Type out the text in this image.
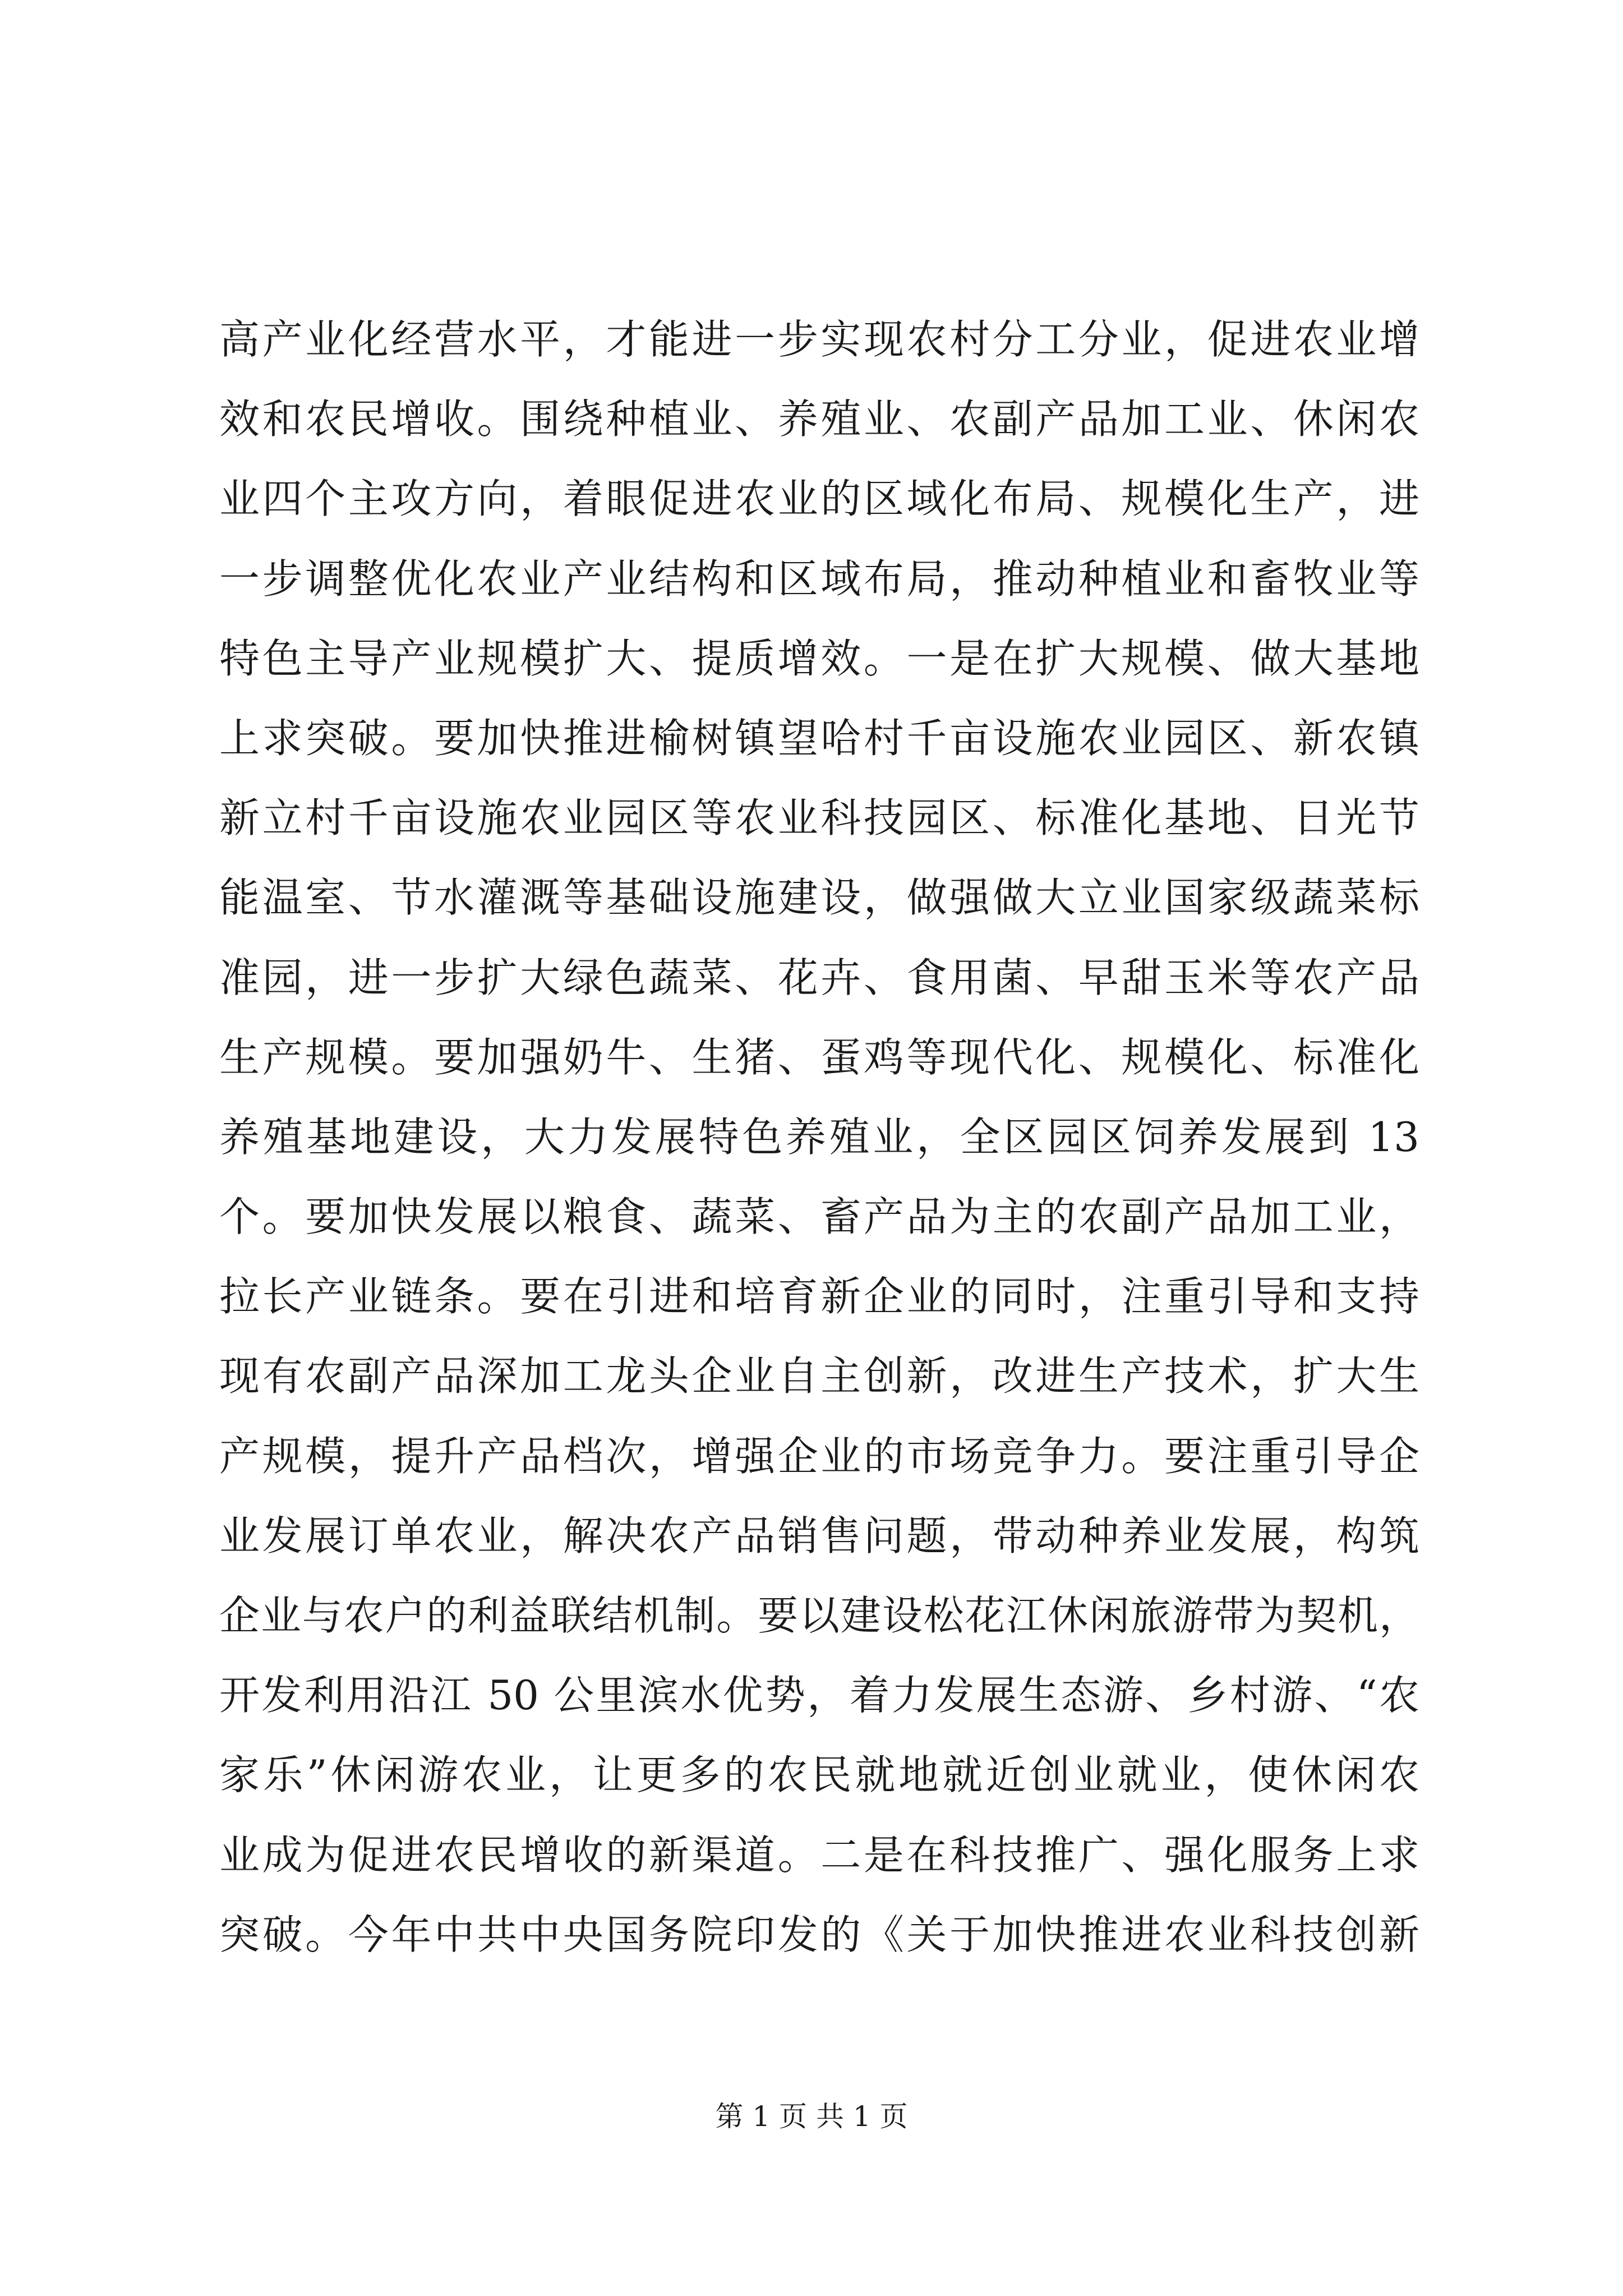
高产业化经营水平，才能进一步实现农村分工分业，促进农业增
效和农民增收。围绕种植业、养殖业、农副产品加工业、休闲农
业四个主攻方向，着眼促进农业的区域化布局、规模化生产，进
一步调整优化农业产业结构和区域布局，推动种植业和畜牧业等
特色主导产业规模扩大、提质增效。一是在扩大规模、做大基地
上求突破。要加快推进榆树镇望哈村千亩设施农业园区、新农镇
新立村千亩设施农业园区等农业科技园区、标准化基地、日光节
能温室、节水灌溉等基础设施建设，做强做大立业国家级蔬菜标
准园，进一步扩大绿色蔬菜、花卉、食用菌、早甜玉米等农产品
生产规模。要加强奶牛、生猪、蛋鸡等现代化、规模化、标准化
养殖基地建设，大力发展特色养殖业，全区园区饲养发展到 13
个。要加快发展以粮食、蔬菜、畜产品为主的农副产品加工业，
拉长产业链条。要在引进和培育新企业的同时，注重引导和支持
现有农副产品深加工龙头企业自主创新，改进生产技术，扩大生
产规模，提升产品档次，增强企业的市场竞争力。要注重引导企
业发展订单农业，解决农产品销售问题，带动种养业发展，构筑
企业与农户的利益联结机制。要以建设松花江休闲旅游带为契机，
开发利用沿江 50 公里滨水优势，着力发展生态游、乡村游、“农
家乐”休闲游农业，让更多的农民就地就近创业就业，使休闲农
业成为促进农民增收的新渠道。二是在科技推广、强化服务上求
突破。今年中共中央国务院印发的《关于加快推进农业科技创新
第 1 页 共 1 页
